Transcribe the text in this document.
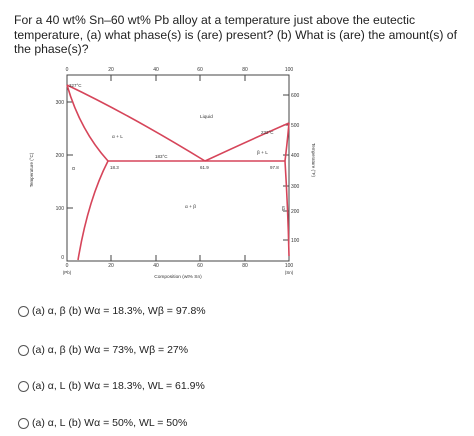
For a 40 wt% Sn–60 wt% Pb alloy at a temperature just above the eutectic temperature, (a) what phase(s) is (are) present? (b) What is (are) the amount(s) of the phase(s)?

0	20	40	60	80	100
0	20	40	60	80	100
(Pb)	(Sn)
Composition (wt% Sn)
300
200
100
0
Temperature (°C)
600
500
400
300
200
100
Temperature (°F)
327°C
232°C
183°C
Liquid
α + L
β + L
α + β
18.3	61.9	97.8
α
β
(a) α, β
(b) Wα = 18.3%, Wβ = 97.8%
(a) α, β
(b) Wα = 73%, Wβ = 27%
(a) α, L
(b) Wα = 18.3%, WL = 61.9%
(a) α, L
(b) Wα = 50%, WL = 50%
